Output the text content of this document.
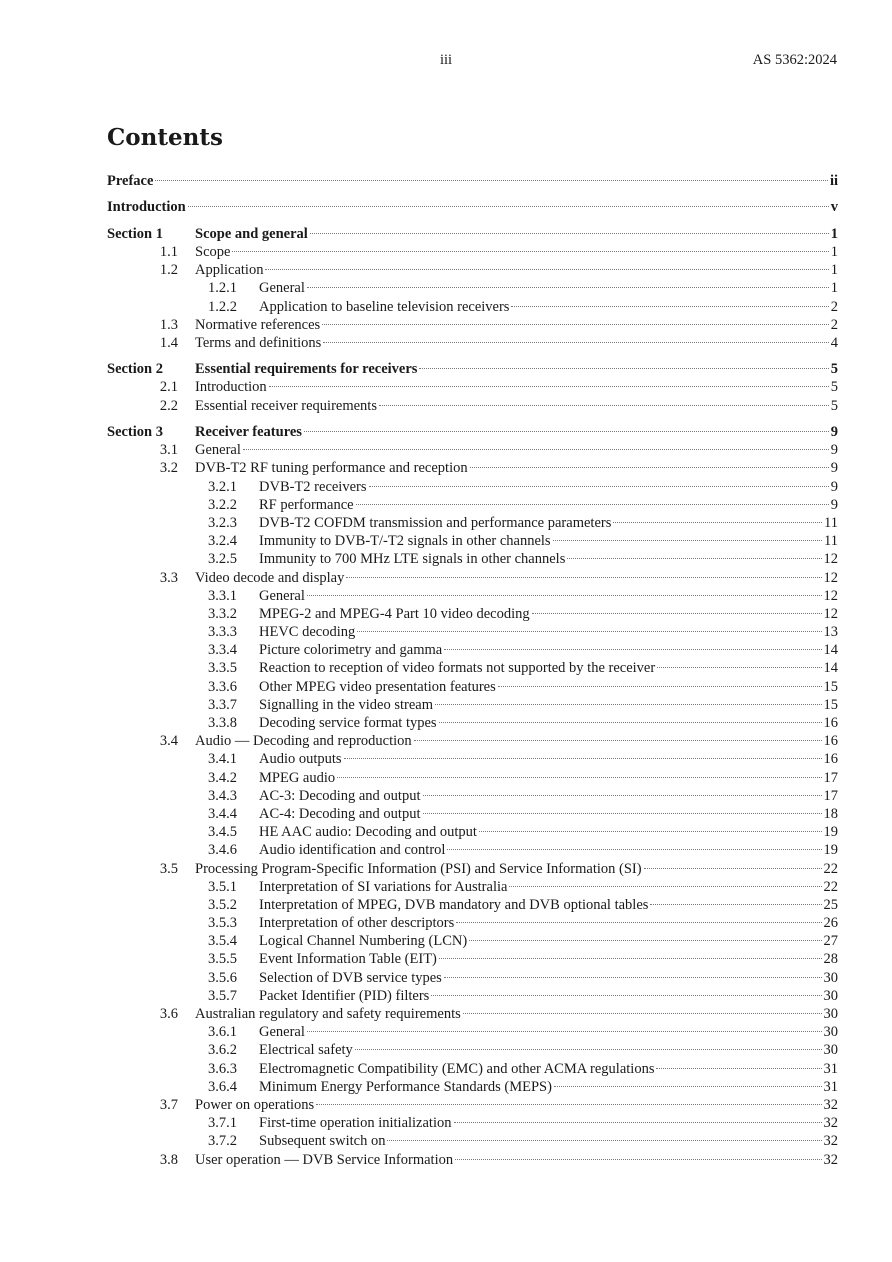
iii	AS 5362:2024
Contents
Preface	ii
Introduction	v
Section 1 Scope and general	1
1.1 Scope	1
1.2 Application	1
1.2.1 General	1
1.2.2 Application to baseline television receivers	2
1.3 Normative references	2
1.4 Terms and definitions	4
Section 2 Essential requirements for receivers	5
2.1 Introduction	5
2.2 Essential receiver requirements	5
Section 3 Receiver features	9
3.1 General	9
3.2 DVB-T2 RF tuning performance and reception	9
3.2.1 DVB-T2 receivers	9
3.2.2 RF performance	9
3.2.3 DVB-T2 COFDM transmission and performance parameters	11
3.2.4 Immunity to DVB-T/-T2 signals in other channels	11
3.2.5 Immunity to 700 MHz LTE signals in other channels	12
3.3 Video decode and display	12
3.3.1 General	12
3.3.2 MPEG-2 and MPEG-4 Part 10 video decoding	12
3.3.3 HEVC decoding	13
3.3.4 Picture colorimetry and gamma	14
3.3.5 Reaction to reception of video formats not supported by the receiver	14
3.3.6 Other MPEG video presentation features	15
3.3.7 Signalling in the video stream	15
3.3.8 Decoding service format types	16
3.4 Audio — Decoding and reproduction	16
3.4.1 Audio outputs	16
3.4.2 MPEG audio	17
3.4.3 AC-3: Decoding and output	17
3.4.4 AC-4: Decoding and output	18
3.4.5 HE AAC audio: Decoding and output	19
3.4.6 Audio identification and control	19
3.5 Processing Program-Specific Information (PSI) and Service Information (SI)	22
3.5.1 Interpretation of SI variations for Australia	22
3.5.2 Interpretation of MPEG, DVB mandatory and DVB optional tables	25
3.5.3 Interpretation of other descriptors	26
3.5.4 Logical Channel Numbering (LCN)	27
3.5.5 Event Information Table (EIT)	28
3.5.6 Selection of DVB service types	30
3.5.7 Packet Identifier (PID) filters	30
3.6 Australian regulatory and safety requirements	30
3.6.1 General	30
3.6.2 Electrical safety	30
3.6.3 Electromagnetic Compatibility (EMC) and other ACMA regulations	31
3.6.4 Minimum Energy Performance Standards (MEPS)	31
3.7 Power on operations	32
3.7.1 First-time operation initialization	32
3.7.2 Subsequent switch on	32
3.8 User operation — DVB Service Information	32
